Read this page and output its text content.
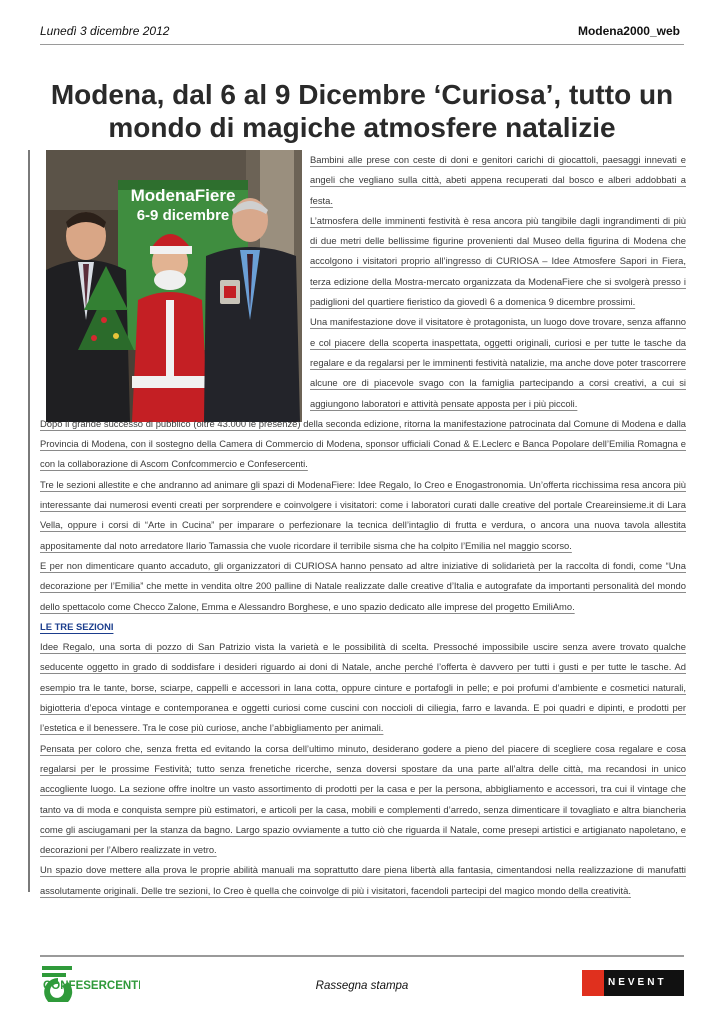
Lunedì 3 dicembre 2012	Modena2000_web
Modena, dal 6 al 9 Dicembre ‘Curiosa’, tutto un mondo di magiche atmosfere natalizie
ModenaFiere
6-9 dicembre

Bambini alle prese con ceste di doni e genitori carichi di giocattoli, paesaggi innevati e angeli che vegliano sulla città, abeti appena recuperati dal bosco e alberi addobbati a festa.

L’atmosfera delle imminenti festività è resa ancora più tangibile dagli ingrandimenti di più di due metri delle bellissime figurine provenienti dal Museo della figurina di Modena che accolgono i visitatori proprio all’ingresso di CURIOSA – Idee Atmosfere Sapori in Fiera, terza edizione della Mostra-mercato organizzata da ModenaFiere che si svolgerà presso i padiglioni del quartiere fieristico da giovedì 6 a domenica 9 dicembre prossimi.

Una manifestazione dove il visitatore è protagonista, un luogo dove trovare, senza affanno e col piacere della scoperta inaspettata, oggetti originali, curiosi e per tutte le tasche da regalare e da regalarsi per le imminenti festività natalizie, ma anche dove poter trascorrere alcune ore di piacevole svago con la famiglia partecipando a corsi creativi, a cui si aggiungono laboratori e attività pensate apposta per i più piccoli.

Dopo il grande successo di pubblico (oltre 43.000 le presenze) della seconda edizione, ritorna la manifestazione patrocinata dal Comune di Modena e dalla Provincia di Modena, con il sostegno della Camera di Commercio di Modena, sponsor ufficiali Conad & E.Leclerc e Banca Popolare dell’Emilia Romagna e con la collaborazione di Ascom Confcommercio e Confesercenti.

Tre le sezioni allestite e che andranno ad animare gli spazi di ModenaFiere: Idee Regalo, Io Creo e Enogastronomia. Un’offerta ricchissima resa ancora più interessante dai numerosi eventi creati per sorprendere e coinvolgere i visitatori: come i laboratori curati dalle creative del portale Creareinsieme.it di Lara Vella, oppure i corsi di “Arte in Cucina” per imparare o perfezionare la tecnica dell’intaglio di frutta e verdura, o ancora una nuova tavola allestita appositamente dal noto arredatore Ilario Tamassia che vuole ricordare il terribile sisma che ha colpito l’Emilia nel maggio scorso.

E per non dimenticare quanto accaduto, gli organizzatori di CURIOSA hanno pensato ad altre iniziative di solidarietà per la raccolta di fondi, come “Una decorazione per l’Emilia” che mette in vendita oltre 200 palline di Natale realizzate dalle creative d’Italia e autografate da importanti personalità del mondo dello spettacolo come Checco Zalone, Emma e Alessandro Borghese, e uno spazio dedicato alle imprese del progetto EmiliAmo.

LE TRE SEZIONI

Idee Regalo, una sorta di pozzo di San Patrizio vista la varietà e le possibilità di scelta. Pressoché impossibile uscire senza avere trovato qualche seducente oggetto in grado di soddisfare i desideri riguardo ai doni di Natale, anche perché l’offerta è davvero per tutti i gusti e per tutte le tasche. Ad esempio tra le tante, borse, sciarpe, cappelli e accessori in lana cotta, oppure cinture e portafogli in pelle; e poi profumi d’ambiente e cosmetici naturali, bigiotteria d’epoca vintage e contemporanea e oggetti curiosi come cuscini con noccioli di ciliegia, farro e lavanda. E poi quadri e dipinti, e prodotti per l’estetica e il benessere. Tra le cose più curiose, anche l’abbigliamento per animali.

Pensata per coloro che, senza fretta ed evitando la corsa dell’ultimo minuto, desiderano godere a pieno del piacere di scegliere cosa regalare e cosa regalarsi per le prossime Festività; tutto senza frenetiche ricerche, senza doversi spostare da una parte all’altra delle città, ma recandosi in unico accogliente luogo. La sezione offre inoltre un vasto assortimento di prodotti per la casa e per la persona, abbigliamento e accessori, tra cui il vintage che tanto va di moda e conquista sempre più estimatori, e articoli per la casa, mobili e complementi d’arredo, senza dimenticare il tovagliato e altra biancheria come gli asciugamani per la stanza da bagno. Largo spazio ovviamente a tutto ciò che riguarda il Natale, come presepi artistici e artigianato napoletano, e decorazioni per l’Albero realizzate in vetro.

Un spazio dove mettere alla prova le proprie abilità manuali ma soprattutto dare piena libertà alla fantasia, cimentandosi nella realizzazione di manufatti assolutamente originali. Delle tre sezioni, Io Creo è quella che coinvolge di più i visitatori, facendoli partecipi del magico mondo della creatività.

CONFESERCENTI	Rassegna stampa	NEVENT
